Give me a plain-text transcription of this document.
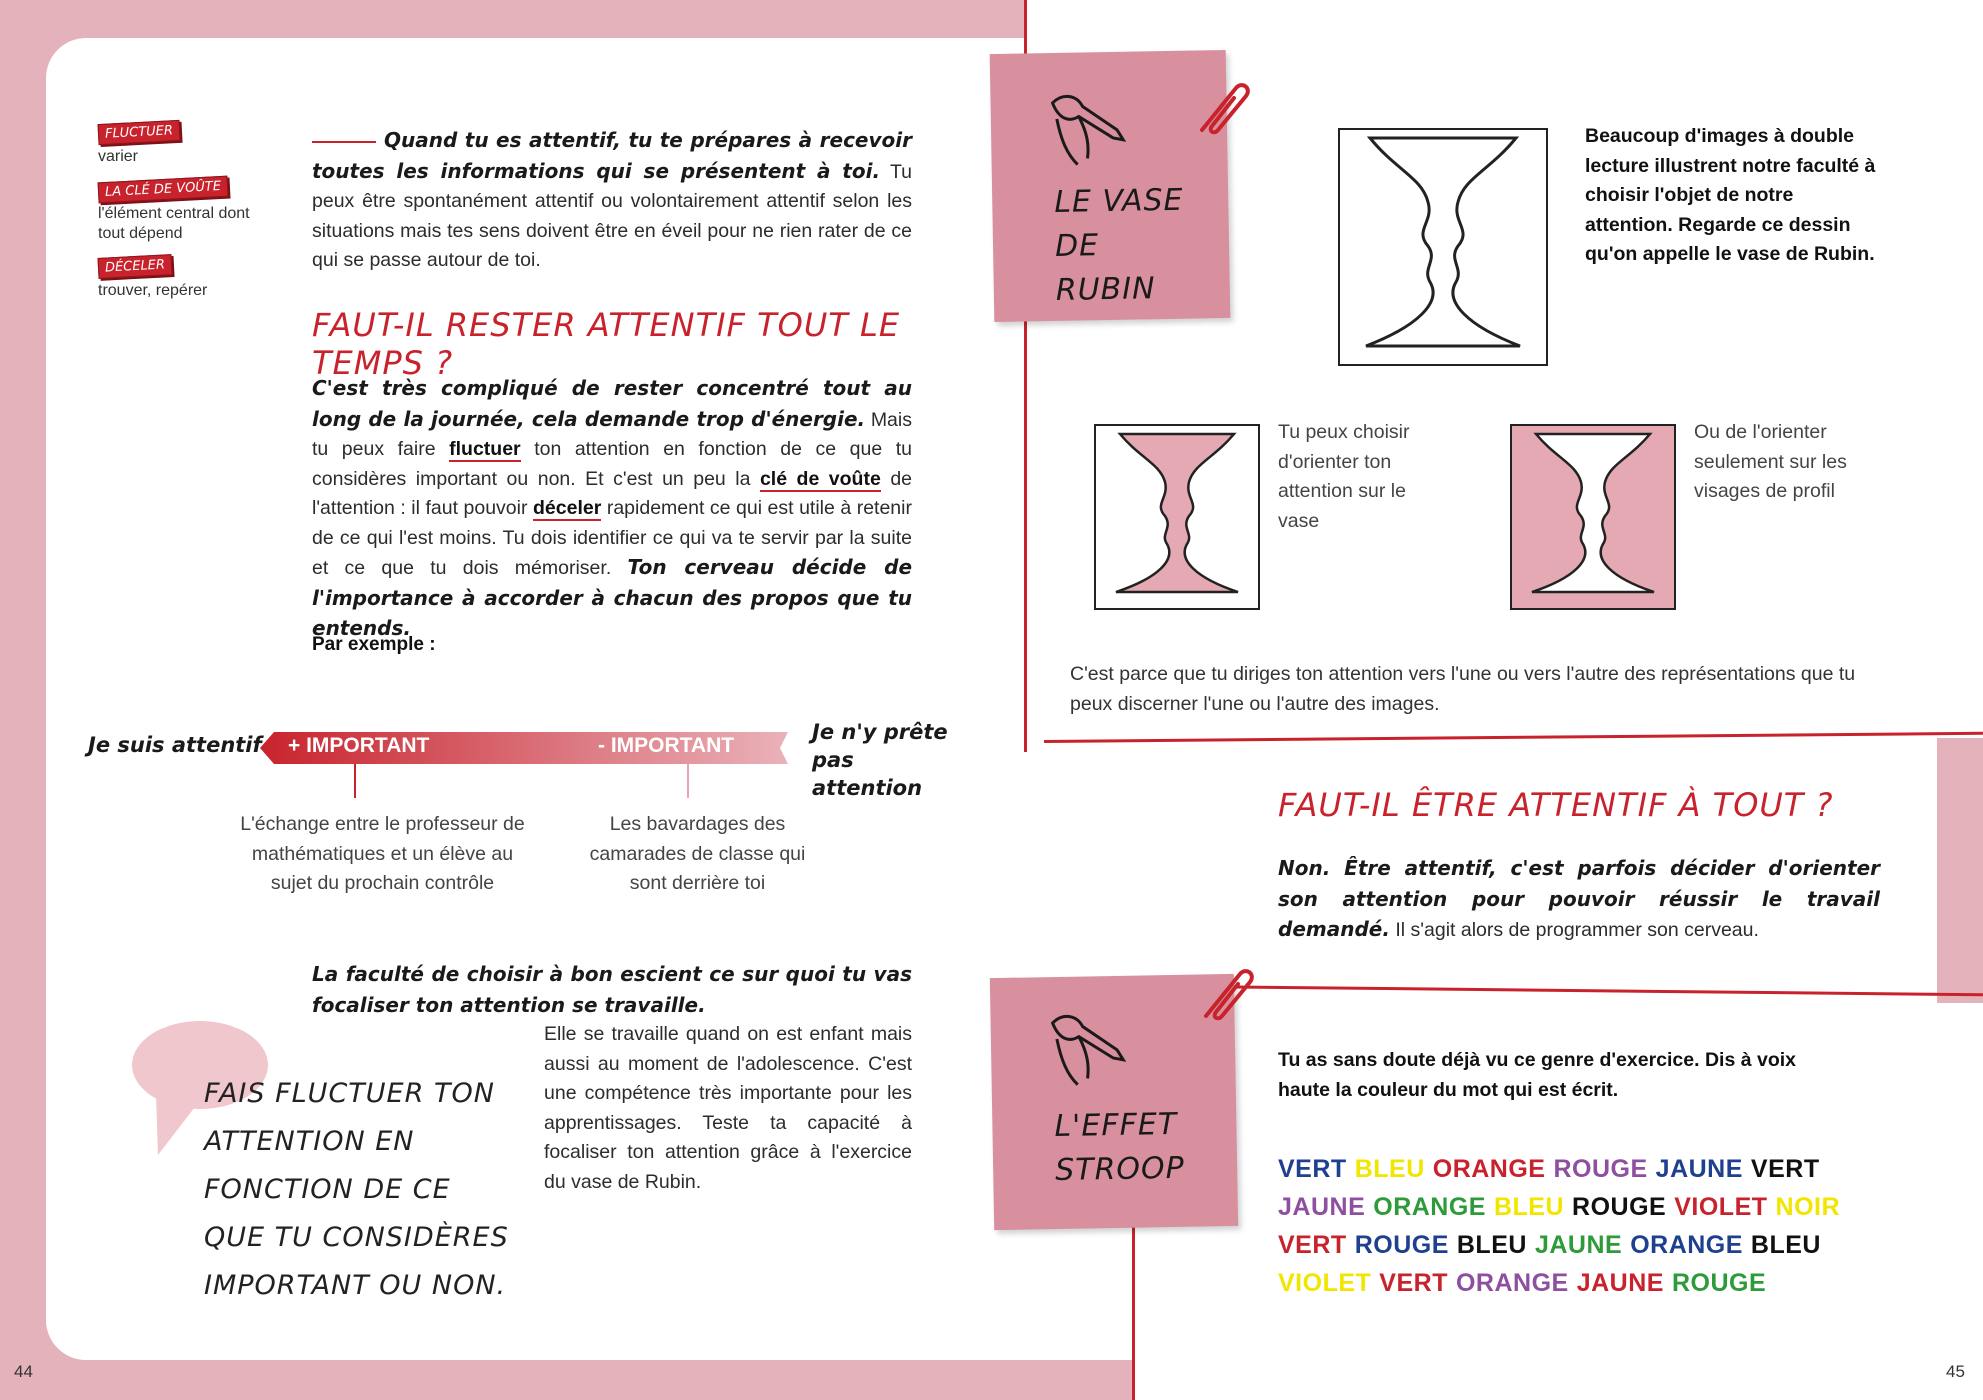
FLUCTUER
varier
LA CLÉ DE VOÛTE
l'élément central dont tout dépend
DÉCELER
trouver, repérer
Quand tu es attentif, tu te prépares à recevoir toutes les informations qui se présentent à toi. Tu peux être spontanément attentif ou volontairement attentif selon les situations mais tes sens doivent être en éveil pour ne rien rater de ce qui se passe autour de toi.
FAUT-IL RESTER ATTENTIF TOUT LE TEMPS ?
C'est très compliqué de rester concentré tout au long de la journée, cela demande trop d'énergie. Mais tu peux faire fluctuer ton attention en fonction de ce que tu considères important ou non. Et c'est un peu la clé de voûte de l'attention : il faut pouvoir déceler rapidement ce qui est utile à retenir de ce qui l'est moins. Tu dois identifier ce qui va te servir par la suite et ce que tu dois mémoriser. Ton cerveau décide de l'importance à accorder à chacun des propos que tu entends.
Par exemple :
Je suis attentif + IMPORTANT	- IMPORTANT
Je n'y prête pas attention
L'échange entre le professeur de mathématiques et un élève au sujet du prochain contrôle
Les bavardages des camarades de classe qui sont derrière toi
La faculté de choisir à bon escient ce sur quoi tu vas focaliser ton attention se travaille.
Elle se travaille quand on est enfant mais aussi au moment de l'adolescence. C'est une compétence très importante pour les apprentissages. Teste ta capacité à focaliser ton attention grâce à l'exercice du vase de Rubin.
FAIS FLUCTUER TON ATTENTION EN FONCTION DE CE QUE TU CONSIDÈRES IMPORTANT OU NON.
44
LE VASE DE RUBIN
Beaucoup d'images à double lecture illustrent notre faculté à choisir l'objet de notre attention. Regarde ce dessin qu'on appelle le vase de Rubin.
Tu peux choisir d'orienter ton attention sur le vase
Ou de l'orienter seulement sur les visages de profil
C'est parce que tu diriges ton attention vers l'une ou vers l'autre des représentations que tu peux discerner l'une ou l'autre des images.
FAUT-IL ÊTRE ATTENTIF À TOUT ?
Non. Être attentif, c'est parfois décider d'orienter son attention pour pouvoir réussir le travail demandé. Il s'agit alors de programmer son cerveau.
L'EFFET STROOP
Tu as sans doute déjà vu ce genre d'exercice. Dis à voix haute la couleur du mot qui est écrit.
VERT BLEU ORANGE ROUGE JAUNE VERT
JAUNE ORANGE BLEU ROUGE VIOLET NOIR
VERT ROUGE BLEU JAUNE ORANGE BLEU
VIOLET VERT ORANGE JAUNE ROUGE
45
